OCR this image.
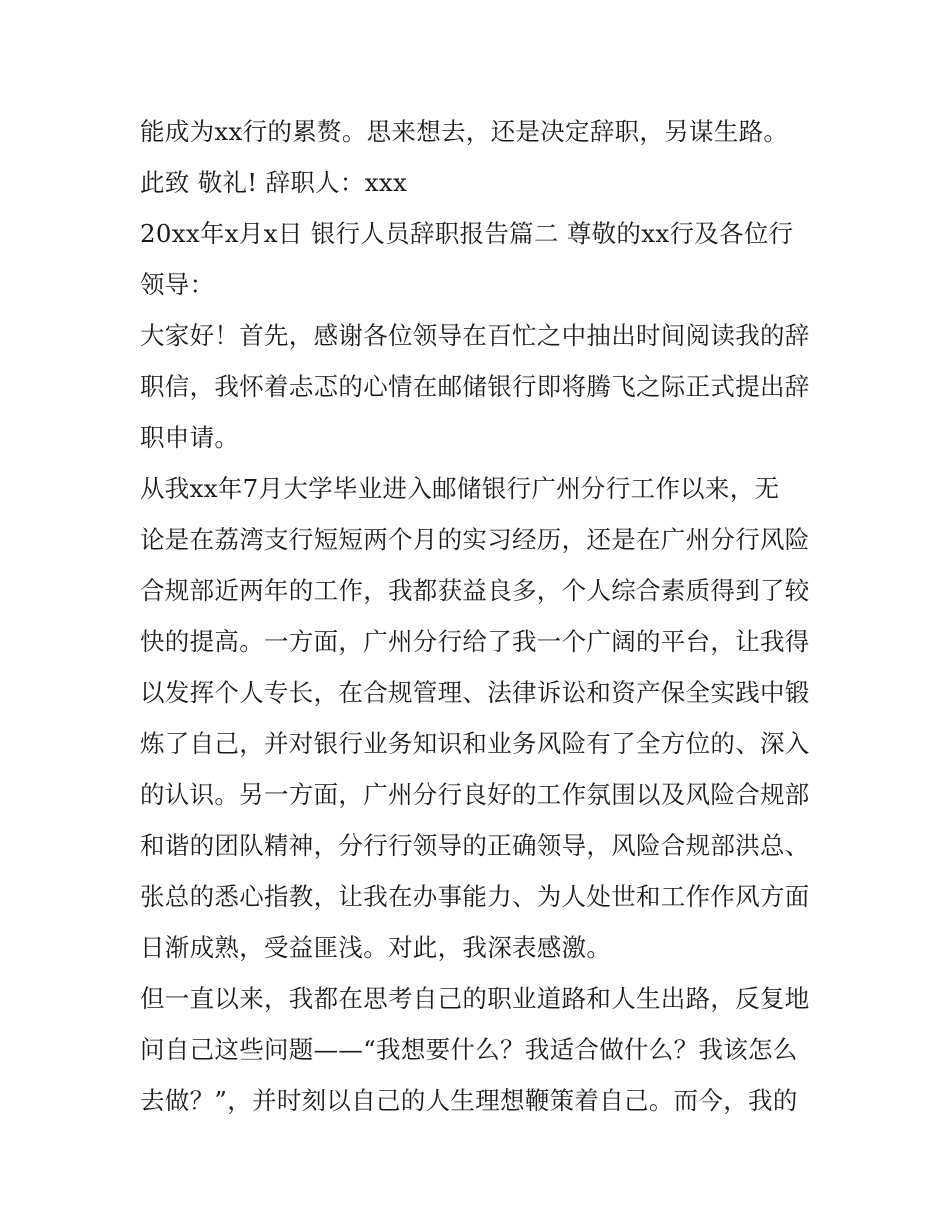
能成为xx行的累赘。思来想去，还是决定辞职，另谋生路。
此致 敬礼! 辞职人：xxx
20xx年x月x日 银行人员辞职报告篇二 尊敬的xx行及各位行
领导：
大家好！首先，感谢各位领导在百忙之中抽出时间阅读我的辞
职信，我怀着忐忑的心情在邮储银行即将腾飞之际正式提出辞
职申请。
从我xx年7月大学毕业进入邮储银行广州分行工作以来，无
论是在荔湾支行短短两个月的实习经历，还是在广州分行风险
合规部近两年的工作，我都获益良多，个人综合素质得到了较
快的提高。一方面，广州分行给了我一个广阔的平台，让我得
以发挥个人专长，在合规管理、法律诉讼和资产保全实践中锻
炼了自己，并对银行业务知识和业务风险有了全方位的、深入
的认识。另一方面，广州分行良好的工作氛围以及风险合规部
和谐的团队精神，分行行领导的正确领导，风险合规部洪总、
张总的悉心指教，让我在办事能力、为人处世和工作作风方面
日渐成熟，受益匪浅。对此，我深表感激。
但一直以来，我都在思考自己的职业道路和人生出路，反复地
问自己这些问题——“我想要什么？我适合做什么？我该怎么
去做？”，并时刻以自己的人生理想鞭策着自己。而今，我的
